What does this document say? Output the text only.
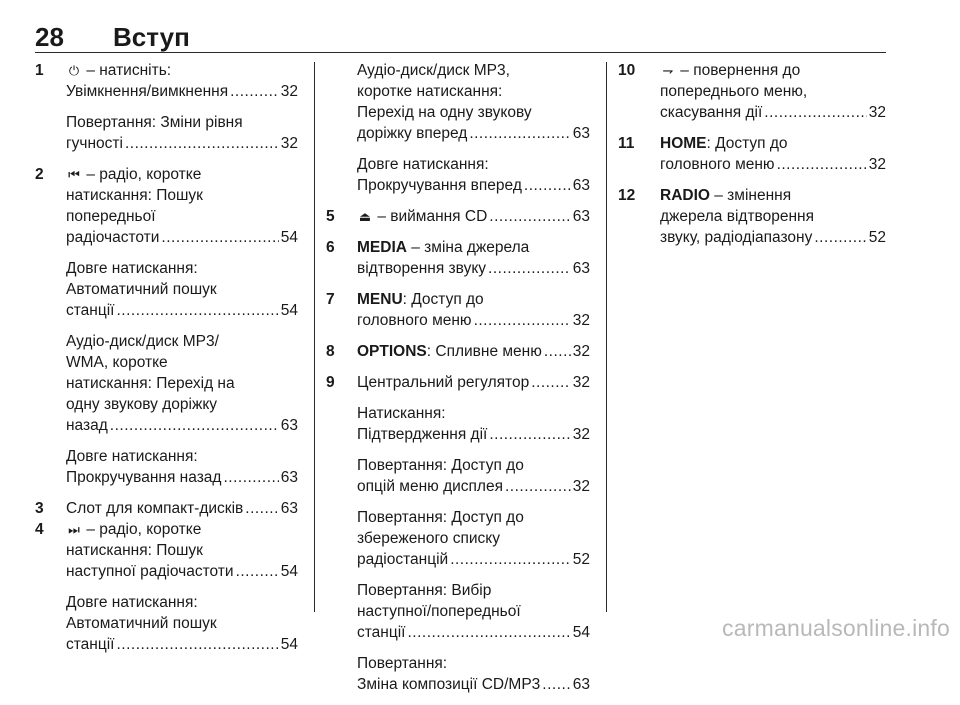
28 Вступ
1 ⏻ – натисніть:
Увімкнення/вимкнення .....	32
Повертання: Зміни рівня
гучності .....	32
2 ⏮ – радіо, коротке
натискання: Пошук
попередньої
радіочастоти .....	54
Довге натискання:
Автоматичний пошук
станції .....	54
Аудіо-диск/диск MP3/
WMA, коротке
натискання: Перехід на
одну звукову доріжку
назад .....	63
Довге натискання:
Прокручування назад .....	63
3 Слот для компакт-дисків ..... 63
4 ⏭ – радіо, коротке
натискання: Пошук
наступної радіочастоти .....	54
Довге натискання:
Автоматичний пошук
станції .....	54
Аудіо-диск/диск MP3,
коротке натискання:
Перехід на одну звукову
доріжку вперед .....	63
Довге натискання:
Прокручування вперед .....	63
5 ⏏ – виймання CD .....	63
6 MEDIA – зміна джерела
відтворення звуку .....	63
7 MENU: Доступ до
головного меню .....	32
8 OPTIONS: Спливне меню ..... 32
9 Центральний регулятор .....	32
Натискання:
Підтвердження дії .....	32
Повертання: Доступ до
опцій меню дисплея .....	32
Повертання: Доступ до
збереженого списку
радіостанцій .....	52
Повертання: Вибір
наступної/попередньої
станції .....	54
Повертання:
Зміна композиції CD/MP3 ..... 63
10 ⇁ – повернення до
попереднього меню,
скасування дії .....	32
11 HOME: Доступ до
головного меню .....	32
12 RADIO – змінення
джерела відтворення
звуку, радіодіапазону .....	52
carmanualsonline.info
